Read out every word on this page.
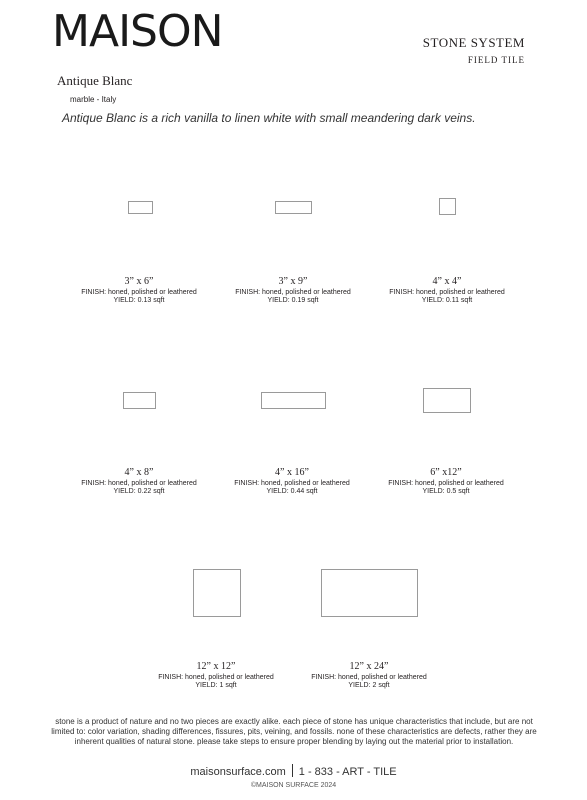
MAISON	STONE SYSTEM
FIELD TILE
Antique Blanc
marble - Italy
Antique Blanc is a rich vanilla to linen white with small meandering dark veins.
3” x 6”
FINISH: honed, polished or leathered
YIELD: 0.13 sqft
3” x 9”
FINISH: honed, polished or leathered
YIELD: 0.19 sqft
4” x 4”
FINISH: honed, polished or leathered
YIELD: 0.11 sqft
4” x 8”
FINISH: honed, polished or leathered
YIELD: 0.22 sqft
4” x 16”
FINISH: honed, polished or leathered
YIELD: 0.44 sqft
6” x12”
FINISH: honed, polished or leathered
YIELD: 0.5 sqft
12” x 12”
FINISH: honed, polished or leathered
YIELD: 1 sqft
12” x 24”
FINISH: honed, polished or leathered
YIELD: 2 sqft
stone is a product of nature and no two pieces are exactly alike. each piece of stone has unique characteristics that include, but are not limited to: color variation, shading differences, fissures, pits, veining, and fossils. none of these characteristics are defects, rather they are inherent qualities of natural stone. please take steps to ensure proper blending by laying out the material prior to installation.
maisonsurface.com 1 - 833 - ART - TILE
©MAISON SURFACE 2024
